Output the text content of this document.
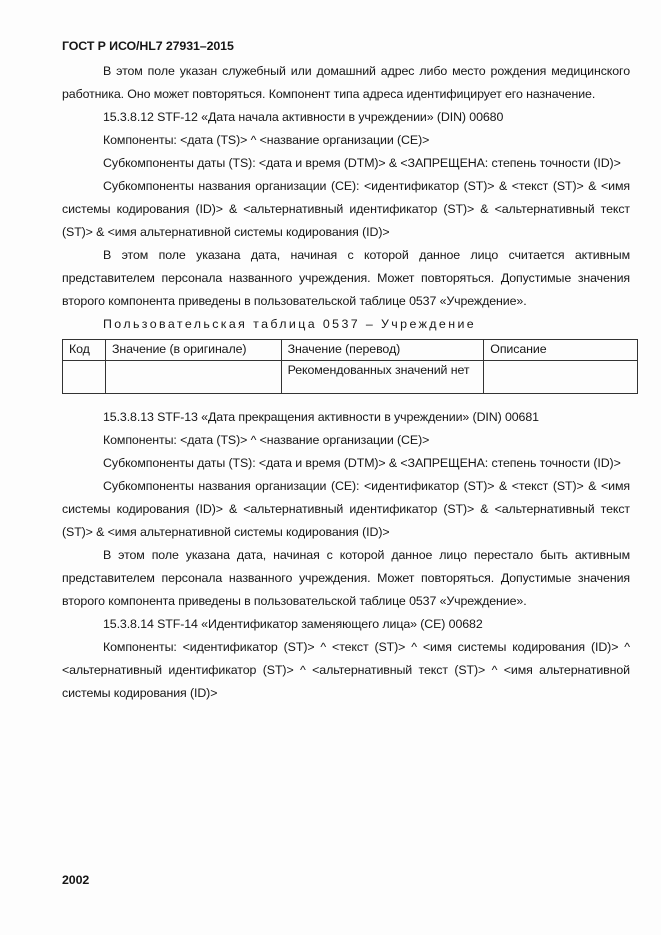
ГОСТ Р ИСО/HL7 27931–2015

В этом поле указан служебный или домашний адрес либо место рождения медицинского работника. Оно может повторяться. Компонент типа адреса идентифицирует его назначение.

15.3.8.12 STF-12 «Дата начала активности в учреждении» (DIN) 00680

Компоненты: <дата (TS)> ^ <название организации (СЕ)>

Субкомпоненты даты (TS): <дата и время (DTM)> & <ЗАПРЕЩЕНА: степень точности (ID)>

Субкомпоненты названия организации (СЕ): <идентификатор (ST)> & <текст (ST)> & <имя системы кодирования (ID)> & <альтернативный идентификатор (ST)> & <альтернативный текст (ST)> & <имя альтернативной системы кодирования (ID)>

В этом поле указана дата, начиная с которой данное лицо считается активным представителем персонала названного учреждения. Может повторяться. Допустимые значения второго компонента приведены в пользовательской таблице 0537 «Учреждение».

Пользовательская таблица 0537 – Учреждение

Код	Значение (в оригинале)	Значение (перевод)	Описание
		Рекомендованных значений нет	

15.3.8.13 STF-13 «Дата прекращения активности в учреждении» (DIN) 00681

Компоненты: <дата (TS)> ^ <название организации (СЕ)>

Субкомпоненты даты (TS): <дата и время (DTM)> & <ЗАПРЕЩЕНА: степень точности (ID)>

Субкомпоненты названия организации (СЕ): <идентификатор (ST)> & <текст (ST)> & <имя системы кодирования (ID)> & <альтернативный идентификатор (ST)> & <альтернативный текст (ST)> & <имя альтернативной системы кодирования (ID)>

В этом поле указана дата, начиная с которой данное лицо перестало быть активным представителем персонала названного учреждения. Может повторяться. Допустимые значения второго компонента приведены в пользовательской таблице 0537 «Учреждение».

15.3.8.14 STF-14 «Идентификатор заменяющего лица» (СЕ) 00682

Компоненты: <идентификатор (ST)> ^ <текст (ST)> ^ <имя системы кодирования (ID)> ^ <альтернативный идентификатор (ST)> ^ <альтернативный текст (ST)> ^ <имя альтернативной системы кодирования (ID)>

2002
